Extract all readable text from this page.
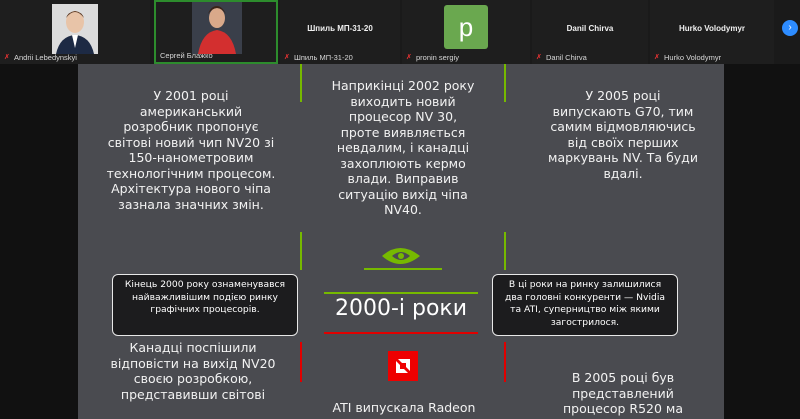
✗ Andrii Lebedynskyi	Сергей Блажко
Шпиль МП-31-20
✗ Шпиль МП-31-20
p
✗ pronin sergiy
Danil Chirva
✗ Danil Chirva
Hurko Volodymyr
✗ Hurko Volodymyr
›
У 2001 році американський розробник пропонує світові новий чип NV20 зі 150-нанометровим технологічним процесом. Архітектура нового чіпа зазнала значних змін.
Наприкінці 2002 року виходить новий процесор NV 30, проте виявляється невдалим, і канадці захоплюють кермо влади. Виправив ситуацію вихід чіпа NV40.
У 2005 році випускають G70, тим самим відмовляючись від своїх перших маркувань NV. Та буди вдалі.
Кінець 2000 року ознаменувався найважливішим подією ринку графічних процесорів.
В ці роки на ринку залишилися два головні конкуренти — Nvidia та ATI, суперництво між якими загострилося.
2000-і роки
Канадці поспішили відповісти на вихід NV20 своєю розробкою, представивши світові
ATI випускала Radeon
В 2005 році був представлений процесор R520 ма
